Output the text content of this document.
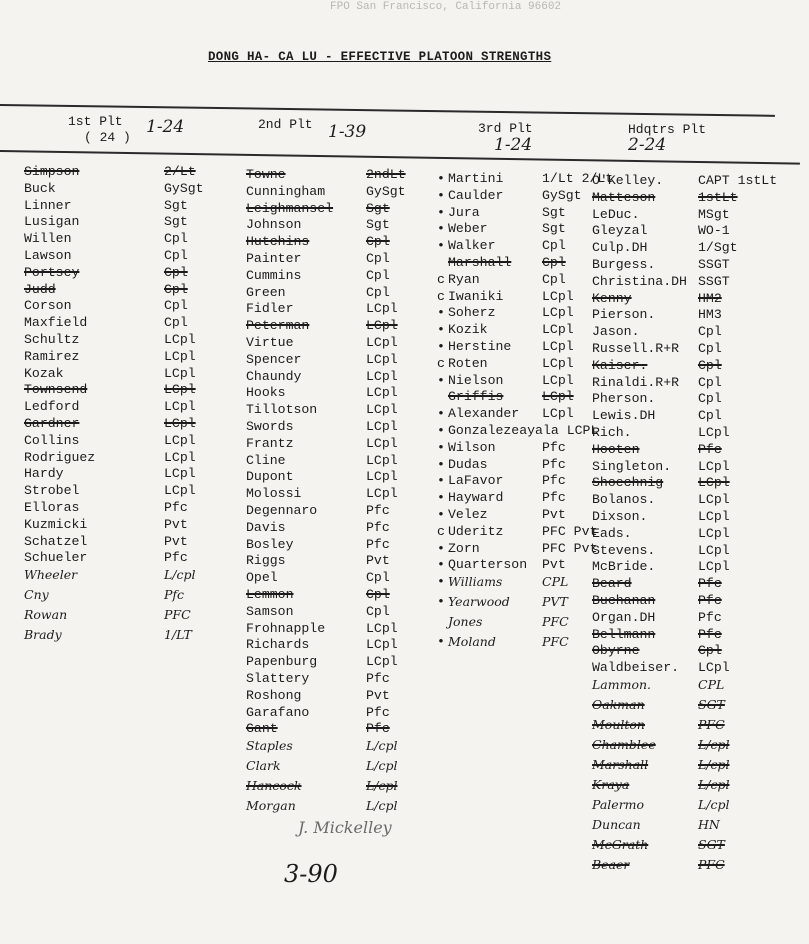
FPO San Francisco, California 96602
DONG HA- CA LU - EFFECTIVE PLATOON STRENGTHS
1st Plt
( 24 )
1-24	2nd Plt 1-39	3rd Plt
1-24
Hdqtrs Plt
2-24
Simpson	2/Lt
Buck	GySgt
Linner	Sgt
Lusigan	Sgt
Willen	Cpl
Lawson	Cpl
Portsey	Cpl
Judd	Cpl
Corson	Cpl
Maxfield	Cpl
Schultz	LCpl
Ramirez	LCpl
Kozak	LCpl
Townsend	LCpl
Ledford	LCpl
Gardner	LCpl
Collins	LCpl
Rodriguez	LCpl
Hardy	LCpl
Strobel	LCpl
Elloras	Pfc
Kuzmicki	Pvt
Schatzel	Pvt
Schueler	Pfc
Wheeler	L/cpl
Cny	Pfc
Rowan	PFC
Brady	1/LT
Towne	2ndLt
Cunningham	GySgt
Leighmansel Sgt
Johnson	Sgt
Hutchins	Cpl
Painter	Cpl
Cummins	Cpl
Green	Cpl
Fidler	LCpl
Peterman	LCpl
Virtue	LCpl
Spencer	LCpl
Chaundy	LCpl
Hooks	LCpl
Tillotson	LCpl
Swords	LCpl
Frantz	LCpl
Cline	LCpl
Dupont	LCpl
Molossi	LCpl
Degennaro	Pfc
Davis	Pfc
Bosley	Pfc
Riggs	Pvt
Opel	Cpl
Lemmon	Cpl
Samson	Cpl
Frohnapple	LCpl
Richards	LCpl
Papenburg	LCpl
Slattery	Pfc
Roshong	Pvt
Garafano	Pfc
Gant	Pfc
Staples	L/cpl
Clark	L/cpl
Hancock	L/cpl
Morgan	L/cpl
• Martini	1/Lt 2/Lt
• Caulder	GySgt
• Jura	Sgt
• Weber	Sgt
• Walker	Cpl
Marshall Cpl
c Ryan	Cpl
c Iwaniki	LCpl
• Soherz	LCpl
• Kozik	LCpl
• Herstine LCpl
c Roten	LCpl
• Nielson	LCpl
Griffis	LCpl
• Alexander LCpl
• Gonzalezeayala LCPL
• Wilson	Pfc
• Dudas	Pfc
• LaFavor	Pfc
• Hayward	Pfc
• Velez	Pvt
c Uderitz	PFC Pvt
• Zorn	PFC Pvt
• Quarterson Pvt
• Williams	CPL
• Yearwood	PVT
Jones	PFC
• Moland	PFC
O'Kelley.	CAPT 1stLt
Matteson	1stLt
LeDuc.	MSgt
Gleyzal	WO-1
Culp.DH	1/Sgt
Burgess.	SSGT
Christina.DH SSGT
Kenny	HM2
Pierson.	HM3
Jason.	Cpl
Russell.R+R Cpl
Kaiser.	Cpl
Rinaldi.R+R Cpl
Pherson.	Cpl
Lewis.DH	Cpl
Rich.	LCpl
Hooten	Pfc
Singleton. LCpl
Shoechnig	LCpl
Bolanos.	LCpl
Dixson.	LCpl
Eads.	LCpl
Stevens.	LCpl
McBride.	LCpl
Beard	Pfc
Buchanan	Pfc
Organ.DH	Pfc
Bellmann	Pfc
Obyrne	Cpl
Waldbeiser. LCpl
Lammon.	CPL
Oakman	SGT
Moulton	PFC
Chamblee	L/cpl
Marshall	L/cpl
Kraya	L/cpl
Palermo	L/cpl
Duncan	HN
McGrath	SGT
Beaer	PFC
J. Mickelley
3-90
